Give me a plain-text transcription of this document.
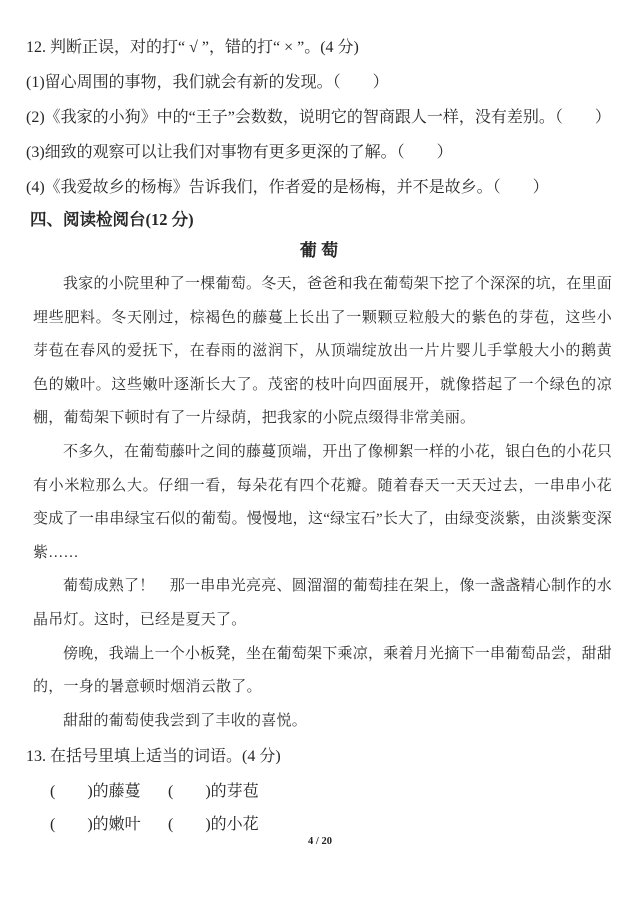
12. 判断正误，对的打“ √ ”，错的打“ × ”。(4 分)
(1)留心周围的事物，我们就会有新的发现。（　　）
(2)《我家的小狗》中的“王子”会数数，说明它的智商跟人一样，没有差别。（　　）
(3)细致的观察可以让我们对事物有更多更深的了解。（　　）
(4)《我爱故乡的杨梅》告诉我们，作者爱的是杨梅，并不是故乡。（　　）
四、阅读检阅台(12 分)
葡 萄

我家的小院里种了一棵葡萄。冬天，爸爸和我在葡萄架下挖了个深深的坑，在里面埋些肥料。冬天刚过，棕褐色的藤蔓上长出了一颗颗豆粒般大的紫色的芽苞，这些小芽苞在春风的爱抚下，在春雨的滋润下，从顶端绽放出一片片婴儿手掌般大小的鹅黄色的嫩叶。这些嫩叶逐渐长大了。茂密的枝叶向四面展开，就像搭起了一个绿色的凉棚，葡萄架下顿时有了一片绿荫，把我家的小院点缀得非常美丽。

不多久，在葡萄藤叶之间的藤蔓顶端，开出了像柳絮一样的小花，银白色的小花只有小米粒那么大。仔细一看，每朵花有四个花瓣。随着春天一天天过去，一串串小花变成了一串串绿宝石似的葡萄。慢慢地，这“绿宝石”长大了，由绿变淡紫，由淡紫变深紫……

葡萄成熟了！　那一串串光亮亮、圆溜溜的葡萄挂在架上，像一盏盏精心制作的水晶吊灯。这时，已经是夏天了。

傍晚，我端上一个小板凳，坐在葡萄架下乘凉，乘着月光摘下一串葡萄品尝，甜甜的，一身的暑意顿时烟消云散了。

甜甜的葡萄使我尝到了丰收的喜悦。

13. 在括号里填上适当的词语。(4 分)
(　　)的藤蔓 (　　)的芽苞
(　　)的嫩叶 (　　)的小花
4 / 20
